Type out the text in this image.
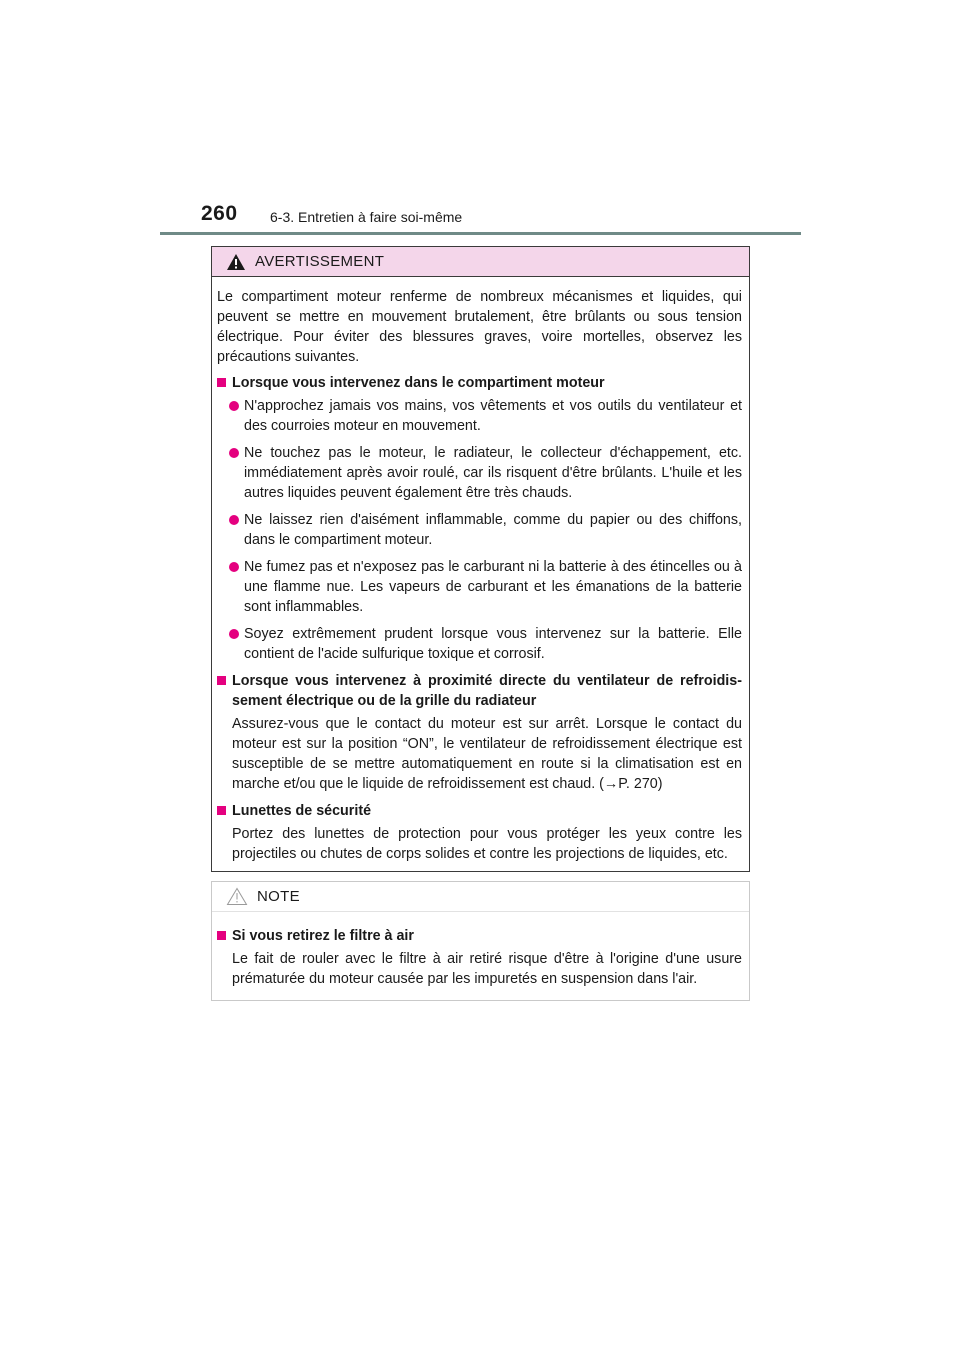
260 6-3. Entretien à faire soi-même
AVERTISSEMENT

Le compartiment moteur renferme de nombreux mécanismes et liquides, qui peuvent se mettre en mouvement brutalement, être brûlants ou sous tension électrique. Pour éviter des blessures graves, voire mortelles, observez les précautions suivantes.

Lorsque vous intervenez dans le compartiment moteur
N'approchez jamais vos mains, vos vêtements et vos outils du ventilateur et des courroies moteur en mouvement.
Ne touchez pas le moteur, le radiateur, le collecteur d'échappement, etc. immédiatement après avoir roulé, car ils risquent d'être brûlants. L'huile et les autres liquides peuvent également être très chauds.
Ne laissez rien d'aisément inflammable, comme du papier ou des chiffons, dans le compartiment moteur.
Ne fumez pas et n'exposez pas le carburant ni la batterie à des étincelles ou à une flamme nue. Les vapeurs de carburant et les émanations de la batterie sont inflammables.
Soyez extrêmement prudent lorsque vous intervenez sur la batterie. Elle contient de l'acide sulfurique toxique et corrosif.
Lorsque vous intervenez à proximité directe du ventilateur de refroidis-sement électrique ou de la grille du radiateur

Assurez-vous que le contact du moteur est sur arrêt. Lorsque le contact du moteur est sur la position “ON”, le ventilateur de refroidissement électrique est susceptible de se mettre automatiquement en route si la climatisation est en marche et/ou que le liquide de refroidissement est chaud. (→P. 270)

Lunettes de sécurité

Portez des lunettes de protection pour vous protéger les yeux contre les projectiles ou chutes de corps solides et contre les projections de liquides, etc.

NOTE
Si vous retirez le filtre à air

Le fait de rouler avec le filtre à air retiré risque d'être à l'origine d'une usure prématurée du moteur causée par les impuretés en suspension dans l'air.
